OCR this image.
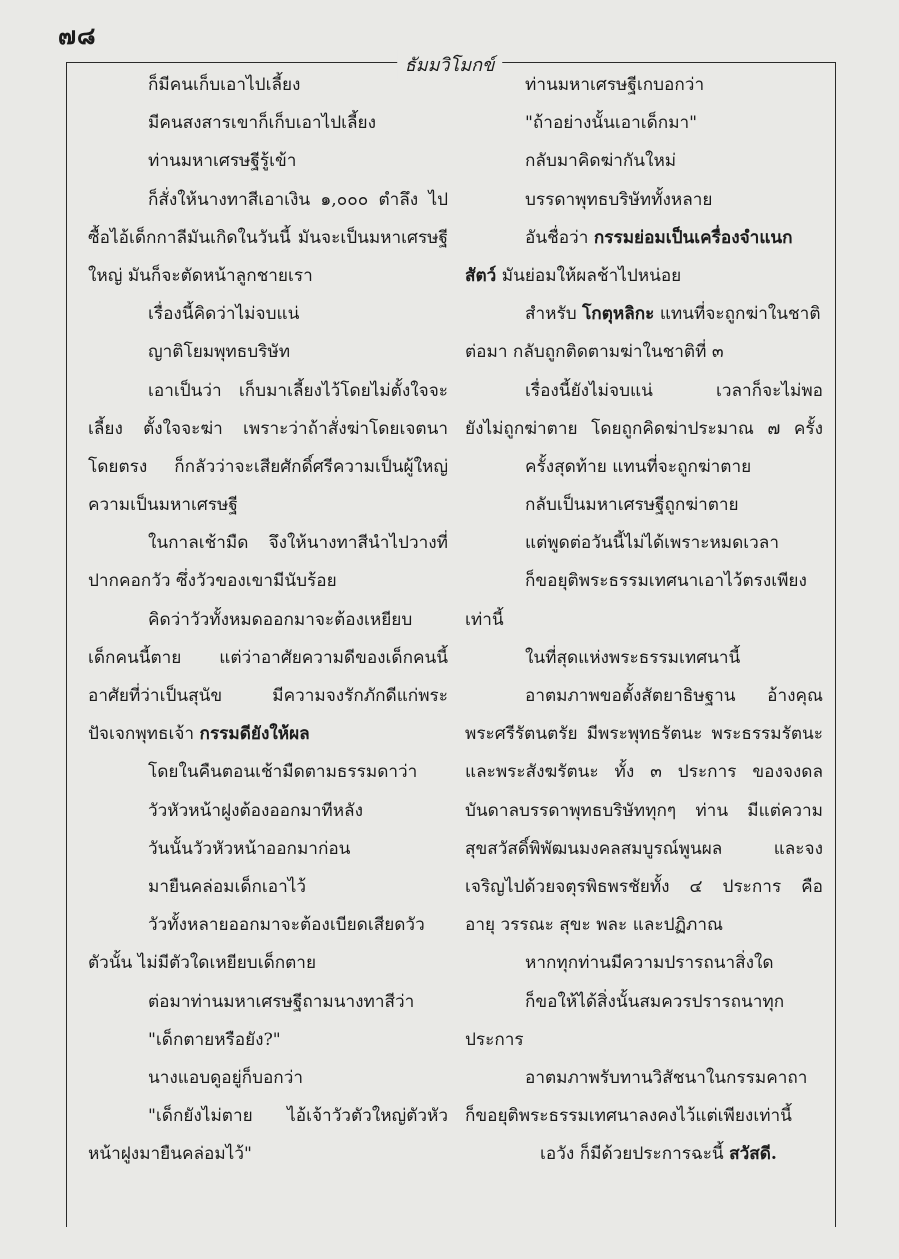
๗๘
ธัมมวิโมกข์
ก็มีคนเก็บเอาไปเลี้ยง
มีคนสงสารเขาก็เก็บเอาไปเลี้ยง
ท่านมหาเศรษฐีรู้เข้า
ก็สั่งให้นางทาสีเอาเงิน ๑,๐๐๐ ตำลึง ไป
ซื้อไอ้เด็กกาลีมันเกิดในวันนี้ มันจะเป็นมหาเศรษฐี
ใหญ่ มันก็จะตัดหน้าลูกชายเรา
เรื่องนี้คิดว่าไม่จบแน่
ญาติโยมพุทธบริษัท
เอาเป็นว่า เก็บมาเลี้ยงไว้โดยไม่ตั้งใจจะ
เลี้ยง ตั้งใจจะฆ่า เพราะว่าถ้าสั่งฆ่าโดยเจตนา
โดยตรง ก็กลัวว่าจะเสียศักดิ์ศรีความเป็นผู้ใหญ่
ความเป็นมหาเศรษฐี
ในกาลเช้ามืด จึงให้นางทาสีนำไปวางที่
ปากคอกวัว ซึ่งวัวของเขามีนับร้อย
คิดว่าวัวทั้งหมดออกมาจะต้องเหยียบ
เด็กคนนี้ตาย แต่ว่าอาศัยความดีของเด็กคนนี้
อาศัยที่ว่าเป็นสุนัข มีความจงรักภักดีแก่พระ
ปัจเจกพุทธเจ้า กรรมดียังให้ผล
โดยในคืนตอนเช้ามืดตามธรรมดาว่า
วัวหัวหน้าฝูงต้องออกมาทีหลัง
วันนั้นวัวหัวหน้าออกมาก่อน
มายืนคล่อมเด็กเอาไว้
วัวทั้งหลายออกมาจะต้องเบียดเสียดวัว
ตัวนั้น ไม่มีตัวใดเหยียบเด็กตาย
ต่อมาท่านมหาเศรษฐีถามนางทาสีว่า
"เด็กตายหรือยัง?"
นางแอบดูอยู่ก็บอกว่า
"เด็กยังไม่ตาย ไอ้เจ้าวัวตัวใหญ่ตัวหัว
หน้าฝูงมายืนคล่อมไว้"
ท่านมหาเศรษฐีเกบอกว่า
"ถ้าอย่างนั้นเอาเด็กมา"
กลับมาคิดฆ่ากันใหม่
บรรดาพุทธบริษัททั้งหลาย
อันชื่อว่า กรรมย่อมเป็นเครื่องจำแนก
สัตว์ มันย่อมให้ผลช้าไปหน่อย
สำหรับ โกตุหลิกะ แทนที่จะถูกฆ่าในชาติ
ต่อมา กลับถูกติดตามฆ่าในชาติที่ ๓
เรื่องนี้ยังไม่จบแน่ เวลาก็จะไม่พอ
ยังไม่ถูกฆ่าตาย โดยถูกคิดฆ่าประมาณ ๗ ครั้ง
ครั้งสุดท้าย แทนที่จะถูกฆ่าตาย
กลับเป็นมหาเศรษฐีถูกฆ่าตาย
แต่พูดต่อวันนี้ไม่ได้เพราะหมดเวลา
ก็ขอยุติพระธรรมเทศนาเอาไว้ตรงเพียง
เท่านี้
ในที่สุดแห่งพระธรรมเทศนานี้
อาตมภาพขอตั้งสัตยาธิษฐาน อ้างคุณ
พระศรีรัตนตรัย มีพระพุทธรัตนะ พระธรรมรัตนะ
และพระสังฆรัตนะ ทั้ง ๓ ประการ ของจงดล
บันดาลบรรดาพุทธบริษัททุกๆ ท่าน มีแต่ความ
สุขสวัสดิ์พิพัฒนมงคลสมบูรณ์พูนผล และจง
เจริญไปด้วยจตุรพิธพรชัยทั้ง ๔ ประการ คือ
อายุ วรรณะ สุขะ พละ และปฏิภาณ
หากทุกท่านมีความปรารถนาสิ่งใด
ก็ขอให้ได้สิ่งนั้นสมควรปรารถนาทุก
ประการ
อาตมภาพรับทานวิสัชนาในกรรมคาถา
ก็ขอยุติพระธรรมเทศนาลงคงไว้แต่เพียงเท่านี้
เอวัง ก็มีด้วยประการฉะนี้ สวัสดี.
